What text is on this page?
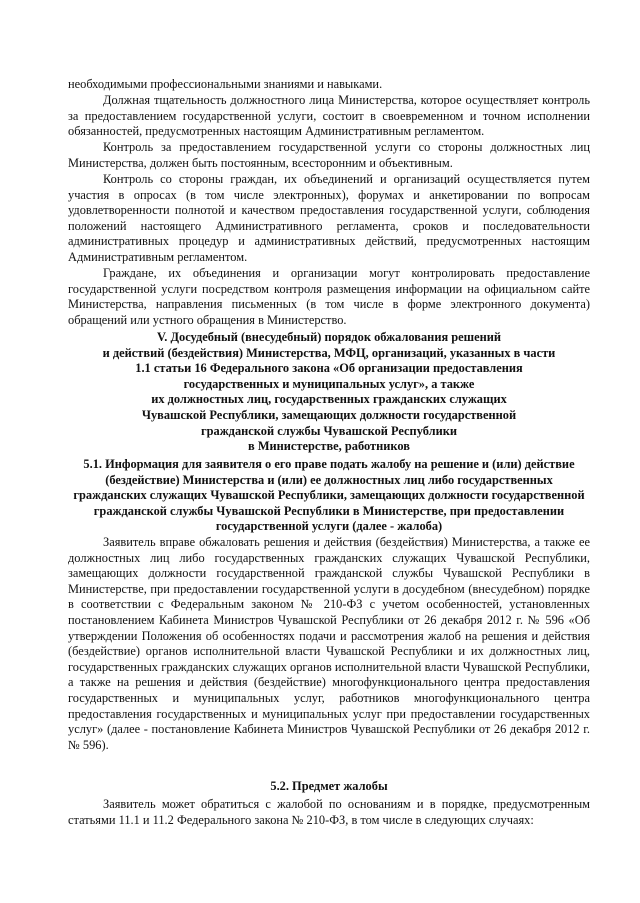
необходимыми профессиональными знаниями и навыками.

Должная тщательность должностного лица Министерства, которое осуществляет контроль за предоставлением государственной услуги, состоит в своевременном и точном исполнении обязанностей, предусмотренных настоящим Административным регламентом.

Контроль за предоставлением государственной услуги со стороны должностных лиц Министерства, должен быть постоянным, всесторонним и объективным.

Контроль со стороны граждан, их объединений и организаций осуществляется путем участия в опросах (в том числе электронных), форумах и анкетировании по вопросам удовлетворенности полнотой и качеством предоставления государственной услуги, соблюдения положений настоящего Административного регламента, сроков и последовательности административных процедур и административных действий, предусмотренных настоящим Административным регламентом.

Граждане, их объединения и организации могут контролировать предоставление государственной услуги посредством контроля размещения информации на официальном сайте Министерства, направления письменных (в том числе в форме электронного документа) обращений или устного обращения в Министерство.

V. Досудебный (внесудебный) порядок обжалования решений
и действий (бездействия) Министерства, МФЦ, организаций, указанных в части
1.1 статьи 16 Федерального закона «Об организации предоставления
государственных и муниципальных услуг», а также
их должностных лиц, государственных гражданских служащих
Чувашской Республики, замещающих должности государственной
гражданской службы Чувашской Республики
в Министерстве, работников

5.1. Информация для заявителя о его праве подать жалобу на решение и (или) действие (бездействие) Министерства и (или) ее должностных лиц либо государственных гражданских служащих Чувашской Республики, замещающих должности государственной гражданской службы Чувашской Республики в Министерстве, при предоставлении государственной услуги (далее - жалоба)

Заявитель вправе обжаловать решения и действия (бездействия) Министерства, а также ее должностных лиц либо государственных гражданских служащих Чувашской Республики, замещающих должности государственной гражданской службы Чувашской Республики в Министерстве, при предоставлении государственной услуги в досудебном (внесудебном) порядке в соответствии с Федеральным законом № 210-ФЗ с учетом особенностей, установленных постановлением Кабинета Министров Чувашской Республики от 26 декабря 2012 г. № 596 «Об утверждении Положения об особенностях подачи и рассмотрения жалоб на решения и действия (бездействие) органов исполнительной власти Чувашской Республики и их должностных лиц, государственных гражданских служащих органов исполнительной власти Чувашской Республики, а также на решения и действия (бездействие) многофункционального центра предоставления государственных и муниципальных услуг, работников многофункционального центра предоставления государственных и муниципальных услуг при предоставлении государственных услуг» (далее - постановление Кабинета Министров Чувашской Республики от 26 декабря 2012 г. № 596).

5.2. Предмет жалобы

Заявитель может обратиться с жалобой по основаниям и в порядке, предусмотренным статьями 11.1 и 11.2 Федерального закона № 210-ФЗ, в том числе в следующих случаях:
